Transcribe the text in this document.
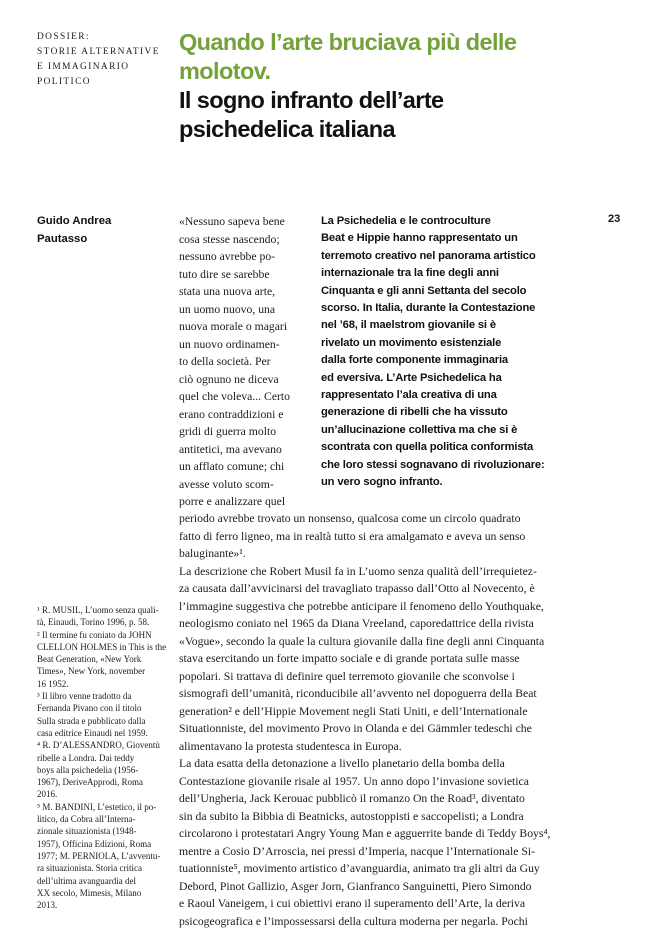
DOSSIER:
STORIE ALTERNATIVE
E IMMAGINARIO
POLITICO
Quando l’arte bruciava più delle
molotov.
Il sogno infranto dell’arte
psichedelica italiana
Guido Andrea
Pautasso
23
«Nessuno sapeva bene
cosa stesse nascendo;
nessuno avrebbe po-
tuto dire se sarebbe
stata una nuova arte,
un uomo nuovo, una
nuova morale o magari
un nuovo ordinamen-
to della società. Per
ciò ognuno ne diceva
quel che voleva... Certo
erano contraddizioni e
gridi di guerra molto
antitetici, ma avevano
un afflato comune; chi
avesse voluto scom-
porre e analizzare quel
La Psichedelia e le controculture
Beat e Hippie hanno rappresentato un
terremoto creativo nel panorama artistico
internazionale tra la fine degli anni
Cinquanta e gli anni Settanta del secolo
scorso. In Italia, durante la Contestazione
nel ’68, il maelstrom giovanile si è
rivelato un movimento esistenziale
dalla forte componente immaginaria
ed eversiva. L’Arte Psichedelica ha
rappresentato l’ala creativa di una
generazione di ribelli che ha vissuto
un’allucinazione collettiva ma che si è
scontrata con quella politica conformista
che loro stessi sognavano di rivoluzionare:
un vero sogno infranto.
periodo avrebbe trovato un nonsenso, qualcosa come un circolo quadrato
fatto di ferro ligneo, ma in realtà tutto si era amalgamato e aveva un senso
baluginante»¹.
La descrizione che Robert Musil fa in L’uomo senza qualità dell’irrequietez-
za causata dall’avvicinarsi del travagliato trapasso dall’Otto al Novecento, è
l’immagine suggestiva che potrebbe anticipare il fenomeno dello Youthquake,
neologismo coniato nel 1965 da Diana Vreeland, caporedattrice della rivista
«Vogue», secondo la quale la cultura giovanile dalla fine degli anni Cinquanta
stava esercitando un forte impatto sociale e di grande portata sulle masse
popolari. Si trattava di definire quel terremoto giovanile che sconvolse i
sismografi dell’umanità, riconducibile all’avvento nel dopoguerra della Beat
generation² e dell’Hippie Movement negli Stati Uniti, e dell’Internationale
Situationniste, del movimento Provo in Olanda e dei Gämmler tedeschi che
alimentavano la protesta studentesca in Europa.
La data esatta della detonazione a livello planetario della bomba della
Contestazione giovanile risale al 1957. Un anno dopo l’invasione sovietica
dell’Ungheria, Jack Kerouac pubblicò il romanzo On the Road³, diventato
sin da subito la Bibbia di Beatnicks, autostoppisti e saccopelisti; a Londra
circolarono i protestatari Angry Young Man e agguerrite bande di Teddy Boys⁴,
mentre a Cosio D’Arroscia, nei pressi d’Imperia, nacque l’Internationale Si-
tuationniste⁵, movimento artistico d’avanguardia, animato tra gli altri da Guy
Debord, Pinot Gallizio, Asger Jorn, Gianfranco Sanguinetti, Piero Simondo
e Raoul Vaneigem, i cui obiettivi erano il superamento dell’Arte, la deriva
psicogeografica e l’impossessarsi della cultura moderna per negarla. Pochi
¹ R. MUSIL, L’uomo senza quali-
tà, Einaudi, Torino 1996, p. 58.
² Il termine fu coniato da JOHN
CLELLON HOLMES in This is the
Beat Generation, «New York
Times», New York, november
16 1952.
³ Il libro venne tradotto da
Fernanda Pivano con il titolo
Sulla strada e pubblicato dalla
casa editrice Einaudi nel 1959.
⁴ R. D’ALESSANDRO, Gioventù
ribelle a Londra. Dai teddy
boys alla psichedelia (1956-
1967), DeriveApprodi, Roma
2016.
⁵ M. BANDINI, L’estetico, il po-
litico, da Cobra all’Interna-
zionale situazionista (1948-
1957), Officina Edizioni, Roma
1977; M. PERNIOLA, L’avventu-
ra situazionista. Storia critica
dell’ultima avanguardia del
XX secolo, Mimesis, Milano
2013.
